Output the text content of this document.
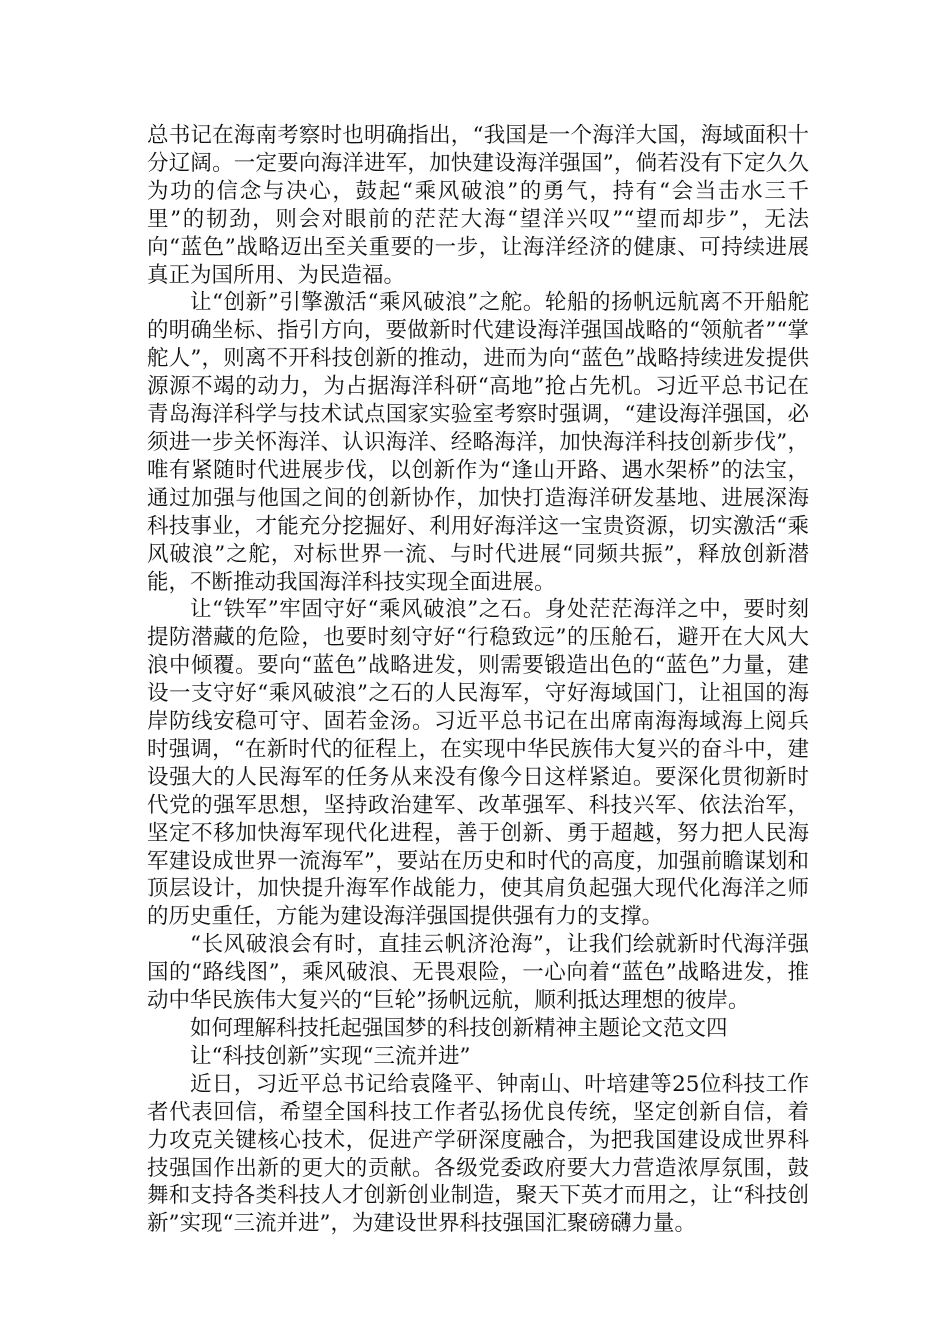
总书记在海南考察时也明确指出，“我国是一个海洋大国，海域面积十分辽阔。一定要向海洋进军，加快建设海洋强国”，倘若没有下定久久为功的信念与决心，鼓起“乘风破浪”的勇气，持有“会当击水三千里”的韧劲，则会对眼前的茫茫大海“望洋兴叹”“望而却步”，无法向“蓝色”战略迈出至关重要的一步，让海洋经济的健康、可持续进展真正为国所用、为民造福。

让“创新”引擎激活“乘风破浪”之舵。轮船的扬帆远航离不开船舵的明确坐标、指引方向，要做新时代建设海洋强国战略的“领航者”“掌舵人”，则离不开科技创新的推动，进而为向“蓝色”战略持续进发提供源源不竭的动力，为占据海洋科研“高地”抢占先机。习近平总书记在青岛海洋科学与技术试点国家实验室考察时强调，“建设海洋强国，必须进一步关怀海洋、认识海洋、经略海洋，加快海洋科技创新步伐”，唯有紧随时代进展步伐，以创新作为“逢山开路、遇水架桥”的法宝，通过加强与他国之间的创新协作，加快打造海洋研发基地、进展深海科技事业，才能充分挖掘好、利用好海洋这一宝贵资源，切实激活“乘风破浪”之舵，对标世界一流、与时代进展“同频共振”，释放创新潜能，不断推动我国海洋科技实现全面进展。

让“铁军”牢固守好“乘风破浪”之石。身处茫茫海洋之中，要时刻提防潜藏的危险，也要时刻守好“行稳致远”的压舱石，避开在大风大浪中倾覆。要向“蓝色”战略进发，则需要锻造出色的“蓝色”力量，建设一支守好“乘风破浪”之石的人民海军，守好海域国门，让祖国的海岸防线安稳可守、固若金汤。习近平总书记在出席南海海域海上阅兵时强调，“在新时代的征程上，在实现中华民族伟大复兴的奋斗中，建设强大的人民海军的任务从来没有像今日这样紧迫。要深化贯彻新时代党的强军思想，坚持政治建军、改革强军、科技兴军、依法治军，坚定不移加快海军现代化进程，善于创新、勇于超越，努力把人民海军建设成世界一流海军”，要站在历史和时代的高度，加强前瞻谋划和顶层设计，加快提升海军作战能力，使其肩负起强大现代化海洋之师的历史重任，方能为建设海洋强国提供强有力的支撑。

“长风破浪会有时，直挂云帆济沧海”，让我们绘就新时代海洋强国的“路线图”，乘风破浪、无畏艰险，一心向着“蓝色”战略进发，推动中华民族伟大复兴的“巨轮”扬帆远航，顺利抵达理想的彼岸。

如何理解科技托起强国梦的科技创新精神主题论文范文四

让“科技创新”实现“三流并进”

近日，习近平总书记给袁隆平、钟南山、叶培建等25位科技工作者代表回信，希望全国科技工作者弘扬优良传统，坚定创新自信，着力攻克关键核心技术，促进产学研深度融合，为把我国建设成世界科技强国作出新的更大的贡献。各级党委政府要大力营造浓厚氛围，鼓舞和支持各类科技人才创新创业制造，聚天下英才而用之，让“科技创新”实现“三流并进”，为建设世界科技强国汇聚磅礴力量。
